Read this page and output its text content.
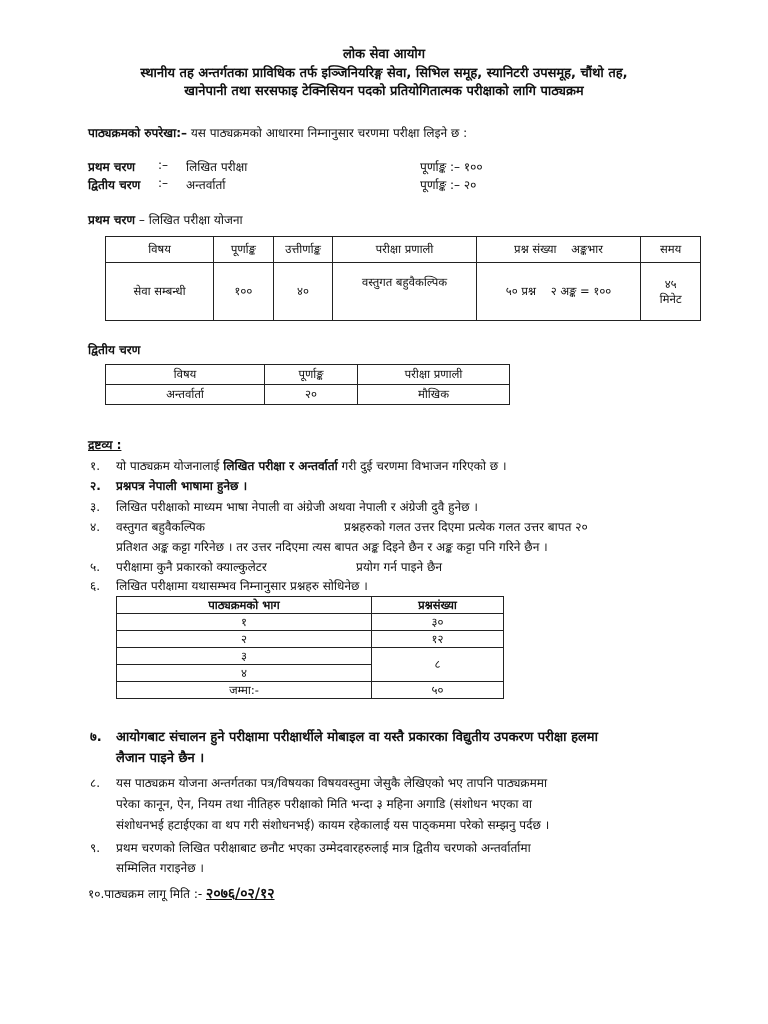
लोक सेवा आयोग
स्थानीय तह अन्तर्गतका प्राविधिक तर्फ इञ्जिनियरिङ्ग सेवा, सिभिल समूह, स्यानिटरी उपसमूह, चौंथो तह,
खानेपानी तथा सरसफाइ टेक्निसियन पदको प्रतियोगितात्मक परीक्षाको लागि पाठ्यक्रम
पाठ्यक्रमको रुपरेखा:– यस पाठ्यक्रमको आधारमा निम्नानुसार चरणमा परीक्षा लिइने छ :
प्रथम चरण :– लिखित परीक्षा	पूर्णाङ्क :– १००
द्वितीय चरण :– अन्तर्वार्ता	पूर्णाङ्क :– २०
प्रथम चरण – लिखित परीक्षा योजना
विषय	पूर्णाङ्क	उत्तीर्णाङ्क	परीक्षा प्रणाली	प्रश्न संख्या अङ्कभार	समय
सेवा सम्बन्धी	१००	४०	वस्तुगत बहुवैकल्पिक	५० प्रश्न २ अङ्क = १००	४५
मिनेट
द्वितीय चरण
विषय	पूर्णाङ्क	परीक्षा प्रणाली
अन्तर्वार्ता	२०	मौखिक
द्रष्टव्य :
१. यो पाठ्यक्रम योजनालाई लिखित परीक्षा र अन्तर्वार्ता गरी दुई चरणमा विभाजन गरिएको छ ।
२. प्रश्नपत्र नेपाली भाषामा हुनेछ ।
३. लिखित परीक्षाको माध्यम भाषा नेपाली वा अंग्रेजी अथवा नेपाली र अंग्रेजी दुवै हुनेछ ।
४. वस्तुगत बहुवैकल्पिक	प्रश्नहरुको गलत उत्तर दिएमा प्रत्येक गलत उत्तर बापत २०
प्रतिशत अङ्क कट्टा गरिनेछ । तर उत्तर नदिएमा त्यस बापत अङ्क दिइने छैन र अङ्क कट्टा पनि गरिने छैन ।
५. परीक्षामा कुनै प्रकारको क्याल्कुलेटर	प्रयोग गर्न पाइने छैन
६. लिखित परीक्षामा यथासम्भव निम्नानुसार प्रश्नहरु सोधिनेछ ।
पाठ्यक्रमको भाग	प्रश्नसंख्या
१	३०
२	१२
३	८
४	
जम्मा:-	५०
७. आयोगबाट संचालन हुने परीक्षामा परीक्षार्थीले मोबाइल वा यस्तै प्रकारका विद्युतीय उपकरण परीक्षा हलमा
लैजान पाइने छैन ।
८. यस पाठ्यक्रम योजना अन्तर्गतका पत्र/विषयका विषयवस्तुमा जेसुकै लेखिएको भए तापनि पाठ्यक्रममा
परेका कानून, ऐन, नियम तथा नीतिहरु परीक्षाको मिति भन्दा ३ महिना अगाडि (संशोधन भएका वा
संशोधनभई हटाईएका वा थप गरी संशोधनभई) कायम रहेकालाई यस पाठ्कममा परेको सम्झनु पर्दछ ।
९. प्रथम चरणको लिखित परीक्षाबाट छनौट भएका उम्मेदवारहरुलाई मात्र द्वितीय चरणको अन्तर्वार्तामा
सम्मिलित गराइनेछ ।
१०.पाठ्यक्रम लागू मिति :- २०७६/०२/१२
